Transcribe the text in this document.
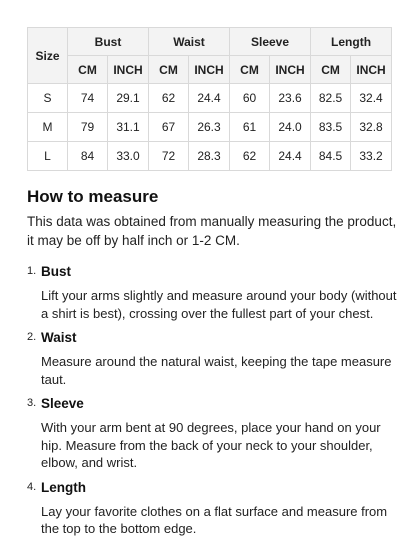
Size	Bust		Waist		Sleeve		Length	
	CM	INCH	CM	INCH	CM	INCH	CM	INCH
S	74	29.1	62	24.4	60	23.6	82.5	32.4
M	79	31.1	67	26.3	61	24.0	83.5	32.8
L	84	33.0	72	28.3	62	24.4	84.5	33.2
How to measure

This data was obtained from manually measuring the product, it may be off by half inch or 1-2 CM.

1. Bust
Lift your arms slightly and measure around your body (without a shirt is best), crossing over the fullest part of your chest.
2. Waist
Measure around the natural waist, keeping the tape measure taut.
3. Sleeve
With your arm bent at 90 degrees, place your hand on your hip. Measure from the back of your neck to your shoulder, elbow, and wrist.
4. Length
Lay your favorite clothes on a flat surface and measure from the top to the bottom edge.
